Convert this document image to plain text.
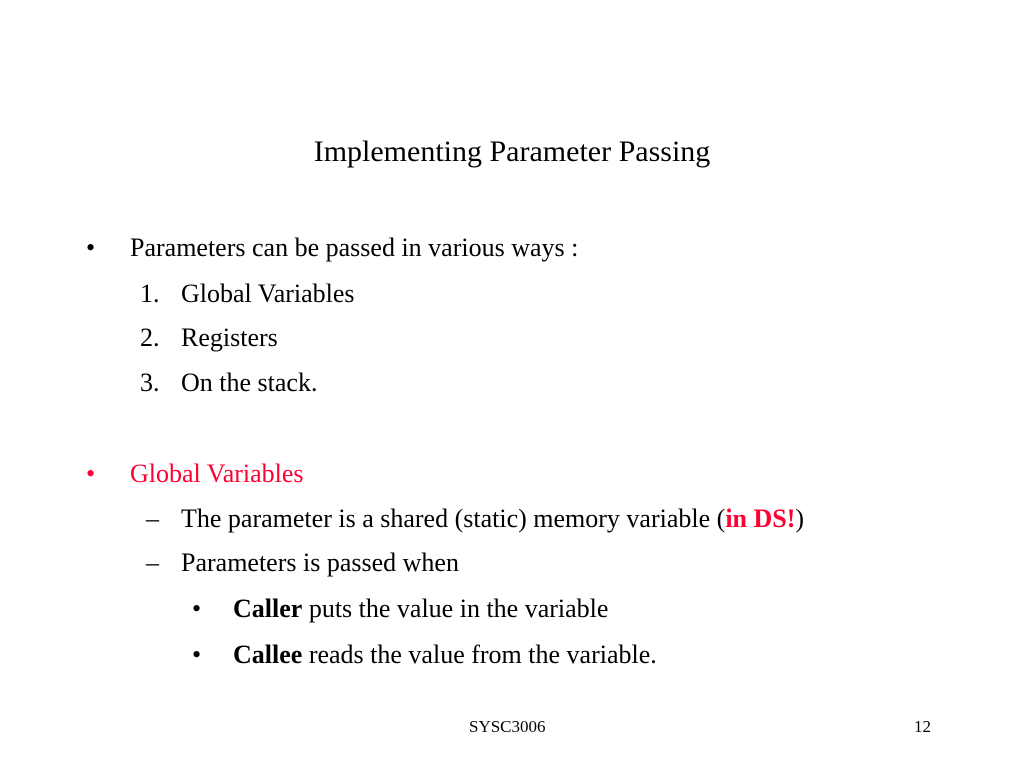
Implementing Parameter Passing
• Parameters can be passed in various ways :
1. Global Variables
2. Registers
3. On the stack.
• Global Variables
– The parameter is a shared (static) memory variable (in DS!)
– Parameters is passed when
• Caller puts the value in the variable
• Callee reads the value from the variable.
SYSC3006	12
